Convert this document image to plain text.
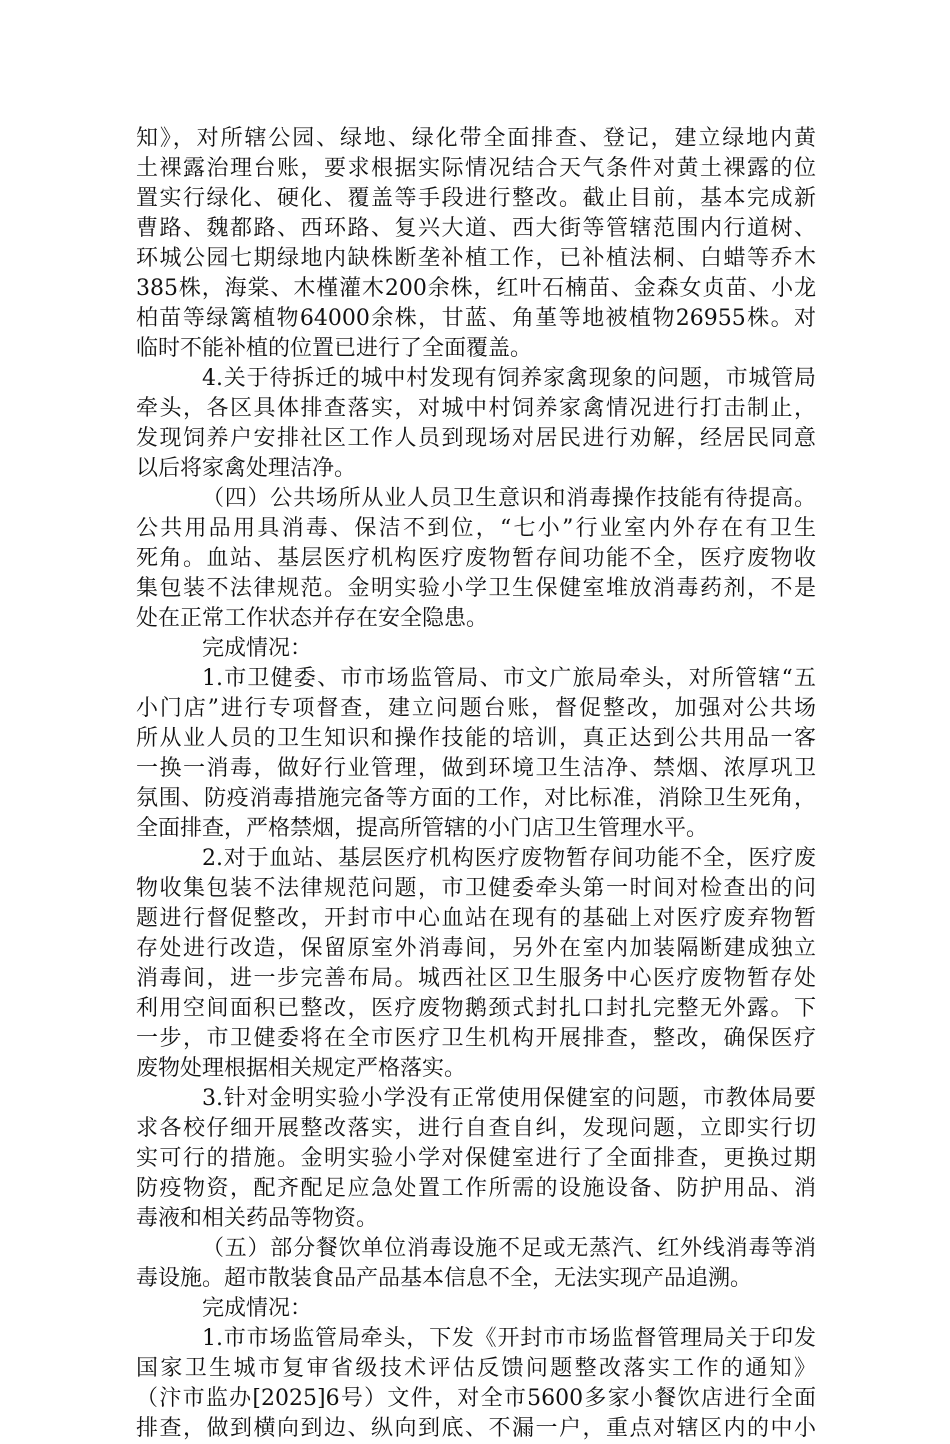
知》，对所辖公园、绿地、绿化带全面排查、登记，建立绿地内黄
土裸露治理台账，要求根据实际情况结合天气条件对黄土裸露的位
置实行绿化、硬化、覆盖等手段进行整改。截止目前，基本完成新
曹路、魏都路、西环路、复兴大道、西大街等管辖范围内行道树、
环城公园七期绿地内缺株断垄补植工作，已补植法桐、白蜡等乔木
385株，海棠、木槿灌木200余株，红叶石楠苗、金森女贞苗、小龙
柏苗等绿篱植物64000余株，甘蓝、角堇等地被植物26955株。对
临时不能补植的位置已进行了全面覆盖。
4.关于待拆迁的城中村发现有饲养家禽现象的问题，市城管局
牵头，各区具体排查落实，对城中村饲养家禽情况进行打击制止，
发现饲养户安排社区工作人员到现场对居民进行劝解，经居民同意
以后将家禽处理洁净。
（四）公共场所从业人员卫生意识和消毒操作技能有待提高。
公共用品用具消毒、保洁不到位，“七小”行业室内外存在有卫生
死角。血站、基层医疗机构医疗废物暂存间功能不全，医疗废物收
集包装不法律规范。金明实验小学卫生保健室堆放消毒药剂，不是
处在正常工作状态并存在安全隐患。
完成情况：
1.市卫健委、市市场监管局、市文广旅局牵头，对所管辖“五
小门店”进行专项督查，建立问题台账，督促整改，加强对公共场
所从业人员的卫生知识和操作技能的培训，真正达到公共用品一客
一换一消毒，做好行业管理，做到环境卫生洁净、禁烟、浓厚巩卫
氛围、防疫消毒措施完备等方面的工作，对比标准，消除卫生死角，
全面排查，严格禁烟，提高所管辖的小门店卫生管理水平。
2.对于血站、基层医疗机构医疗废物暂存间功能不全，医疗废
物收集包装不法律规范问题，市卫健委牵头第一时间对检查出的问
题进行督促整改，开封市中心血站在现有的基础上对医疗废弃物暂
存处进行改造，保留原室外消毒间，另外在室内加装隔断建成独立
消毒间，进一步完善布局。城西社区卫生服务中心医疗废物暂存处
利用空间面积已整改，医疗废物鹅颈式封扎口封扎完整无外露。下
一步，市卫健委将在全市医疗卫生机构开展排查，整改，确保医疗
废物处理根据相关规定严格落实。
3.针对金明实验小学没有正常使用保健室的问题，市教体局要
求各校仔细开展整改落实，进行自查自纠，发现问题，立即实行切
实可行的措施。金明实验小学对保健室进行了全面排查，更换过期
防疫物资，配齐配足应急处置工作所需的设施设备、防护用品、消
毒液和相关药品等物资。
（五）部分餐饮单位消毒设施不足或无蒸汽、红外线消毒等消
毒设施。超市散装食品产品基本信息不全，无法实现产品追溯。
完成情况：
1.市市场监管局牵头，下发《开封市市场监督管理局关于印发
国家卫生城市复审省级技术评估反馈问题整改落实工作的通知》
（汴市监办[2025]6号）文件，对全市5600多家小餐饮店进行全面
排查，做到横向到边、纵向到底、不漏一户，重点对辖区内的中小
